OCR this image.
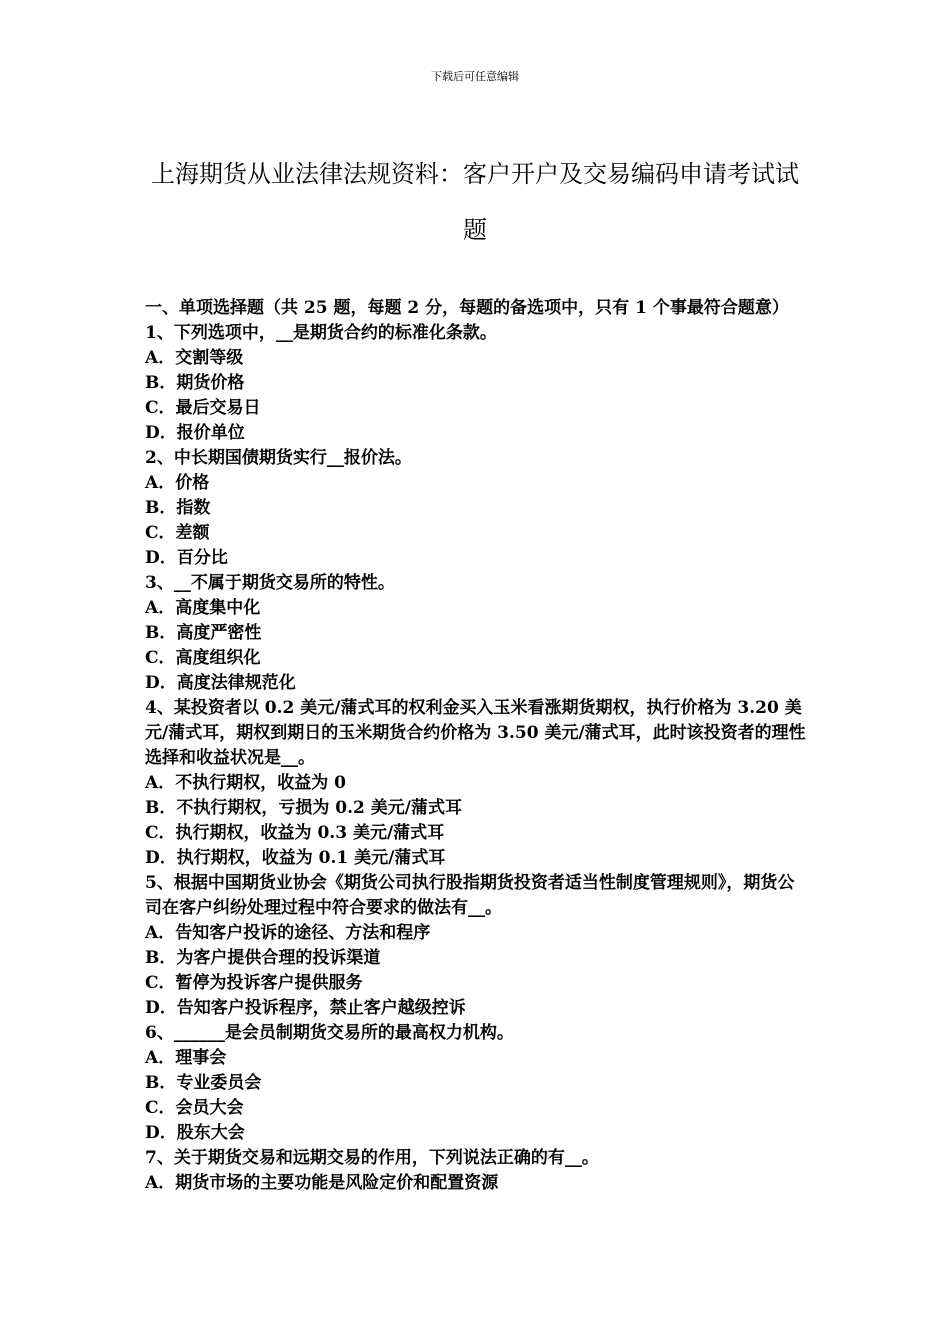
下载后可任意编辑
上海期货从业法律法规资料：客户开户及交易编码申请考试试题
一、单项选择题（共 25 题，每题 2 分，每题的备选项中，只有 1 个事最符合题意）
1、下列选项中，__是期货合约的标准化条款。
A．交割等级
B．期货价格
C．最后交易日
D．报价单位
2、中长期国债期货实行__报价法。
A．价格
B．指数
C．差额
D．百分比
3、__不属于期货交易所的特性。
A．高度集中化
B．高度严密性
C．高度组织化
D．高度法律规范化
4、某投资者以 0.2 美元/蒲式耳的权利金买入玉米看涨期货期权，执行价格为 3.20 美元/蒲式耳，期权到期日的玉米期货合约价格为 3.50 美元/蒲式耳，此时该投资者的理性选择和收益状况是__。
A．不执行期权，收益为 0
B．不执行期权，亏损为 0.2 美元/蒲式耳
C．执行期权，收益为 0.3 美元/蒲式耳
D．执行期权，收益为 0.1 美元/蒲式耳
5、根据中国期货业协会《期货公司执行股指期货投资者适当性制度管理规则》，期货公司在客户纠纷处理过程中符合要求的做法有__。
A．告知客户投诉的途径、方法和程序
B．为客户提供合理的投诉渠道
C．暂停为投诉客户提供服务
D．告知客户投诉程序，禁止客户越级控诉
6、______是会员制期货交易所的最高权力机构。
A．理事会
B．专业委员会
C．会员大会
D．股东大会
7、关于期货交易和远期交易的作用，下列说法正确的有__。
A．期货市场的主要功能是风险定价和配置资源
